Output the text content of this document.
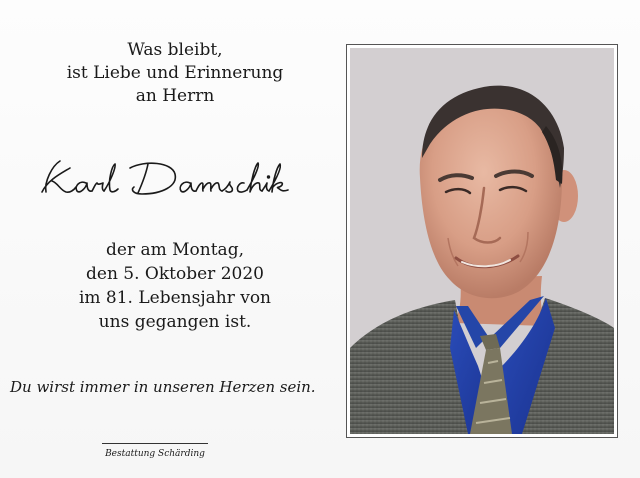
Was bleibt,
ist Liebe und Erinnerung
an Herrn
der am Montag,
den 5. Oktober 2020
im 81. Lebensjahr von
uns gegangen ist.
Du wirst immer in unseren Herzen sein.
Bestattung Schärding
